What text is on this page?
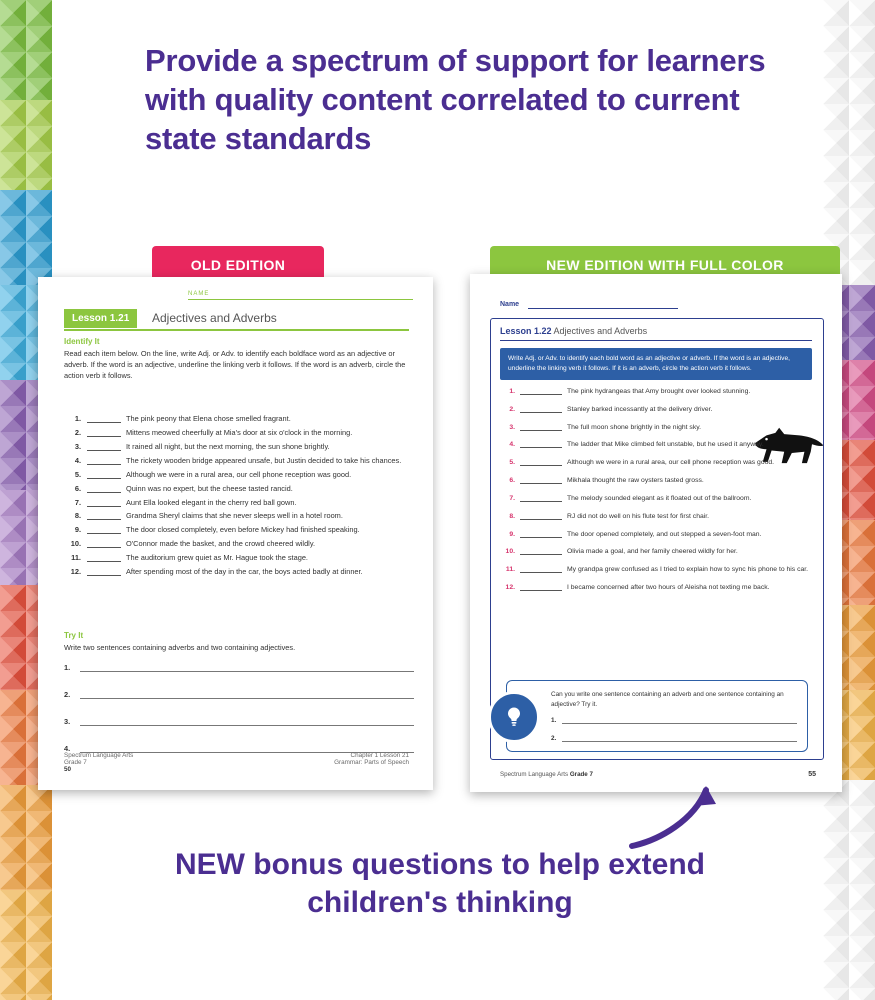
Provide a spectrum of support for learners with quality content correlated to current state standards
OLD EDITION	NEW EDITION WITH FULL COLOR
NAME
Lesson 1.21	Adjectives and Adverbs
Identify It
Read each item below. On the line, write Adj. or Adv. to identify each boldface word as an adjective or adverb. If the word is an adjective, underline the linking verb it follows. If the word is an adverb, circle the action verb it follows.
1.	The pink peony that Elena chose smelled fragrant.
2.	Mittens meowed cheerfully at Mia's door at six o'clock in the morning.
3.	It rained all night, but the next morning, the sun shone brightly.
4.	The rickety wooden bridge appeared unsafe, but Justin decided to take his chances.
5.	Although we were in a rural area, our cell phone reception was good.
6.	Quinn was no expert, but the cheese tasted rancid.
7.	Aunt Ella looked elegant in the cherry red ball gown.
8.	Grandma Sheryl claims that she never sleeps well in a hotel room.
9.	The door closed completely, even before Mickey had finished speaking.
10.	O'Connor made the basket, and the crowd cheered wildly.
11.	The auditorium grew quiet as Mr. Hague took the stage.
12.	After spending most of the day in the car, the boys acted badly at dinner.
Try It
Write two sentences containing adverbs and two containing adjectives.
1.
2.
3.
4.
Spectrum Language Arts
Grade 7
50
Chapter 1 Lesson 21
Grammar: Parts of Speech
Name
Lesson 1.22 Adjectives and Adverbs
Write Adj. or Adv. to identify each bold word as an adjective or adverb. If the word is an adjective, underline the linking verb it follows. If it is an adverb, circle the action verb it follows.
1.	The pink hydrangeas that Amy brought over looked stunning.
2.	Stanley barked incessantly at the delivery driver.
3.	The full moon shone brightly in the night sky.
4.	The ladder that Mike climbed felt unstable, but he used it anyway.
5.	Although we were in a rural area, our cell phone reception was good.
6.	Mikhala thought the raw oysters tasted gross.
7.	The melody sounded elegant as it floated out of the ballroom.
8.	RJ did not do well on his flute test for first chair.
9.	The door opened completely, and out stepped a seven-foot man.
10.	Olivia made a goal, and her family cheered wildly for her.
11.	My grandpa grew confused as I tried to explain how to sync his phone to his car.
12.	I became concerned after two hours of Aleisha not texting me back.
Can you write one sentence containing an adverb and one sentence containing an adjective? Try it.
1.
2.
Spectrum Language Arts Grade 7	55
NEW bonus questions to help extend children's thinking
